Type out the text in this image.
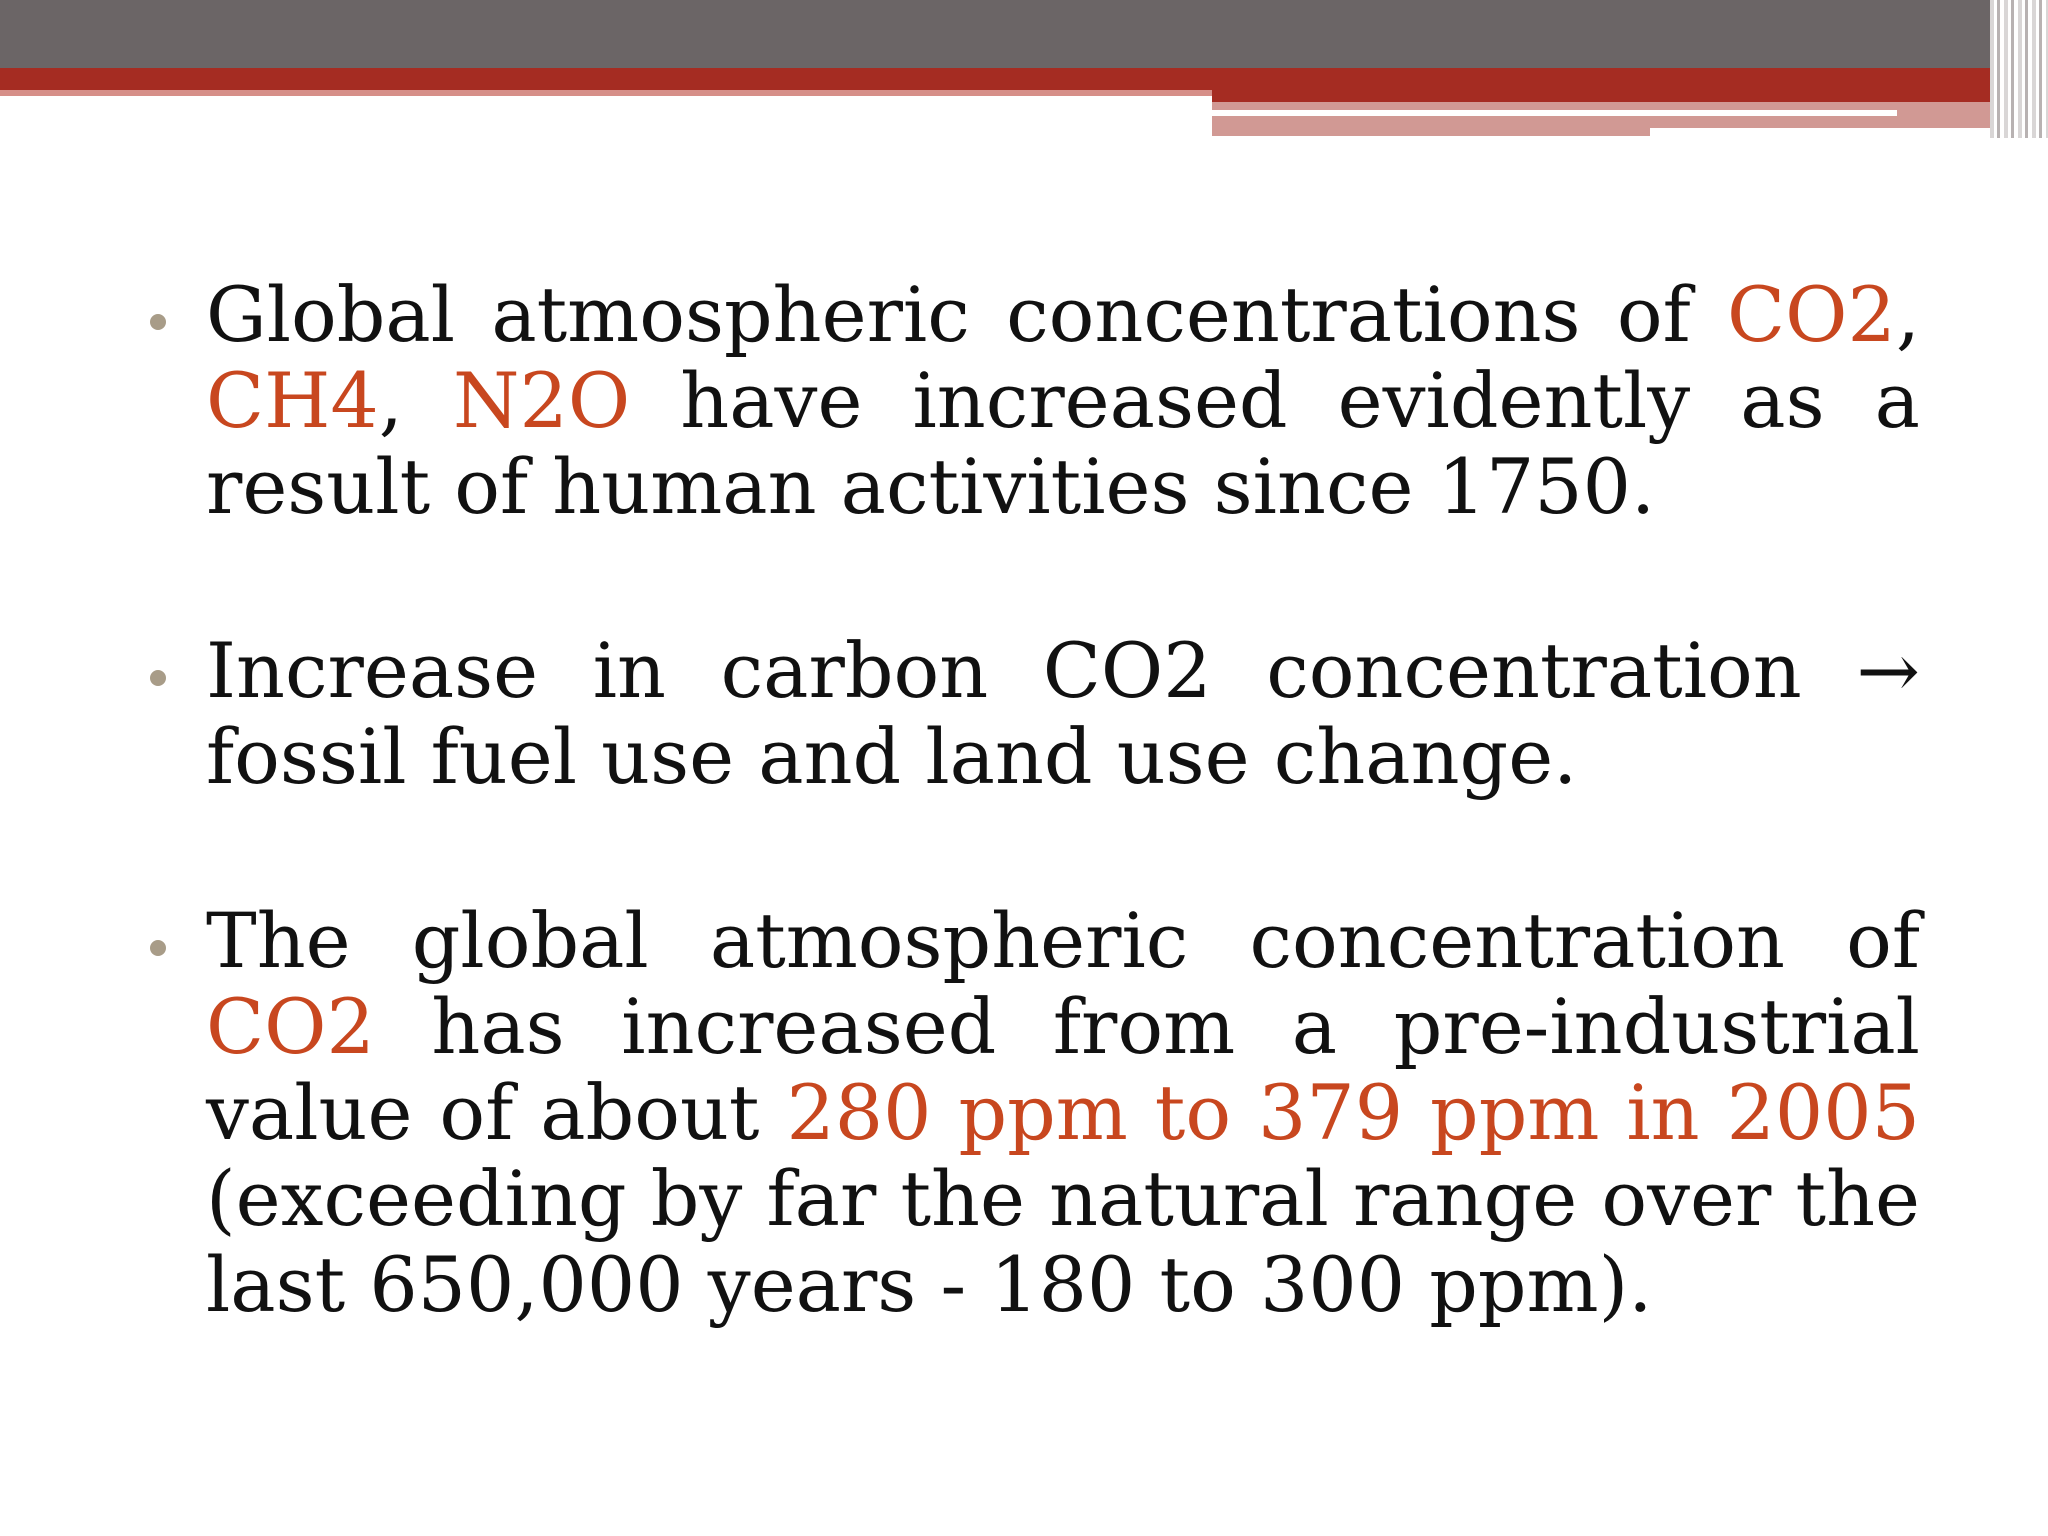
Global atmospheric concentrations of CO2, CH4, N2O have increased evidently as a result of human activities since 1750.
Increase in carbon CO2 concentration → fossil fuel use and land use change.
The global atmospheric concentration of CO2 has increased from a pre-industrial value of about 280 ppm to 379 ppm in 2005 (exceeding by far the natural range over the last 650,000 years - 180 to 300 ppm).
